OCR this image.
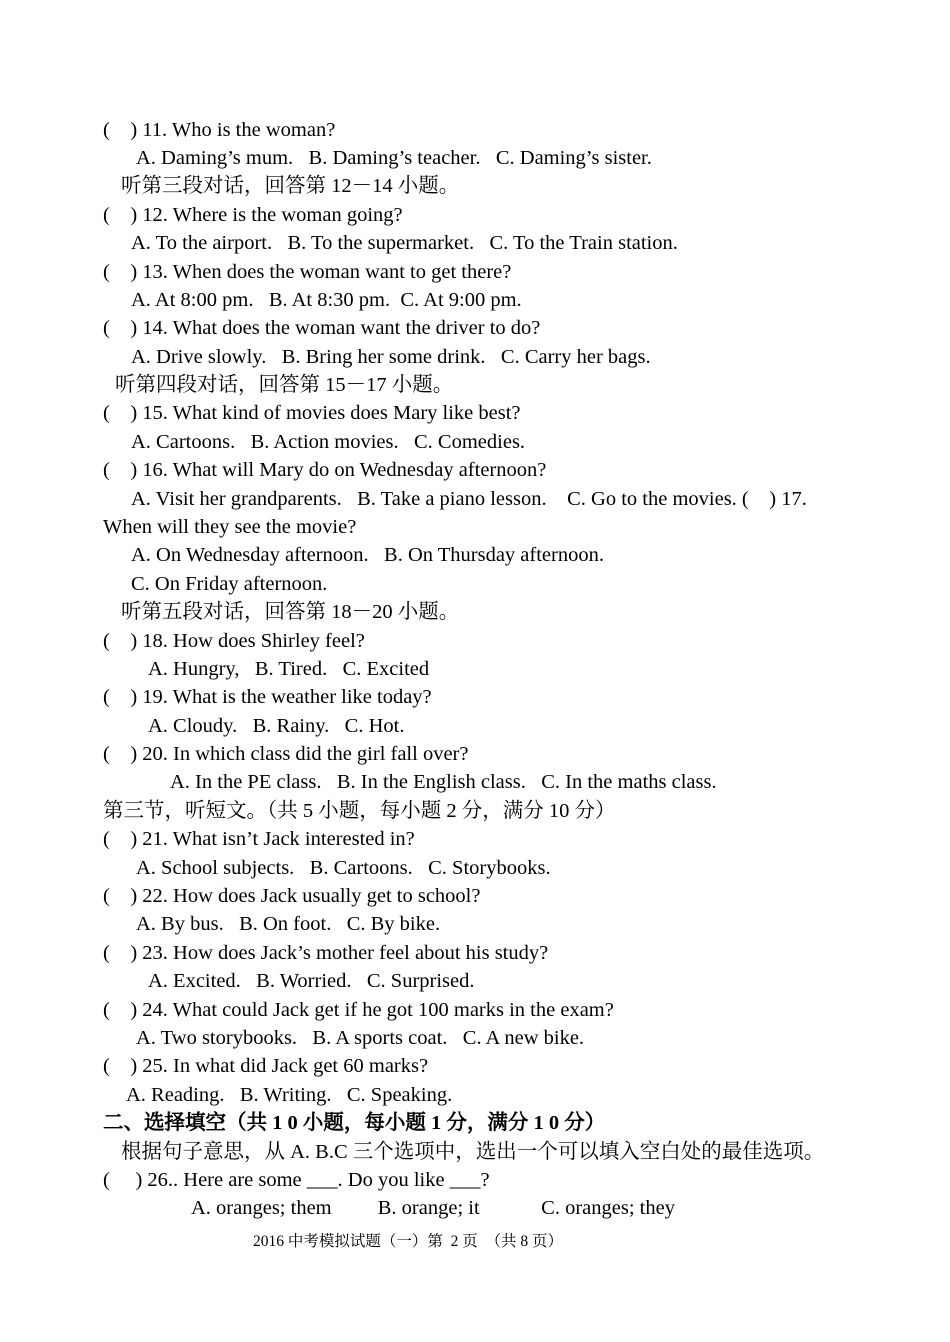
(    ) 11. Who is the woman?
A. Daming’s mum.   B. Daming’s teacher.   C. Daming’s sister.
听第三段对话，回答第 12－14 小题。
(    ) 12. Where is the woman going?
A. To the airport.   B. To the supermarket.   C. To the Train station.
(    ) 13. When does the woman want to get there?
A. At 8:00 pm.   B. At 8:30 pm.  C. At 9:00 pm.
(    ) 14. What does the woman want the driver to do?
A. Drive slowly.   B. Bring her some drink.   C. Carry her bags.
听第四段对话，回答第 15－17 小题。
(    ) 15. What kind of movies does Mary like best?
A. Cartoons.   B. Action movies.   C. Comedies.
(    ) 16. What will Mary do on Wednesday afternoon?
A. Visit her grandparents.   B. Take a piano lesson.    C. Go to the movies. (    ) 17.
When will they see the movie?
A. On Wednesday afternoon.   B. On Thursday afternoon.
C. On Friday afternoon.
听第五段对话，回答第 18－20 小题。
(    ) 18. How does Shirley feel?
A. Hungry,   B. Tired.   C. Excited
(    ) 19. What is the weather like today?
A. Cloudy.   B. Rainy.   C. Hot.
(    ) 20. In which class did the girl fall over?
A. In the PE class.   B. In the English class.   C. In the maths class.
第三节，听短文。（共 5 小题，每小题 2 分，满分 10 分）
(    ) 21. What isn’t Jack interested in?
A. School subjects.   B. Cartoons.   C. Storybooks.
(    ) 22. How does Jack usually get to school?
A. By bus.   B. On foot.   C. By bike.
(    ) 23. How does Jack’s mother feel about his study?
A. Excited.   B. Worried.   C. Surprised.
(    ) 24. What could Jack get if he got 100 marks in the exam?
A. Two storybooks.   B. A sports coat.   C. A new bike.
(    ) 25. In what did Jack get 60 marks?
A. Reading.   B. Writing.   C. Speaking.
二、选择填空（共 1 0 小题，每小题 1 分，满分 1 0 分）
根据句子意思，从 A. B.C 三个选项中，选出一个可以填入空白处的最佳选项。
(     ) 26.. Here are some ___. Do you like ___?
A. oranges; them         B. orange; it            C. oranges; they
2016 中考模拟试题（一）第  2 页  （共 8 页）
